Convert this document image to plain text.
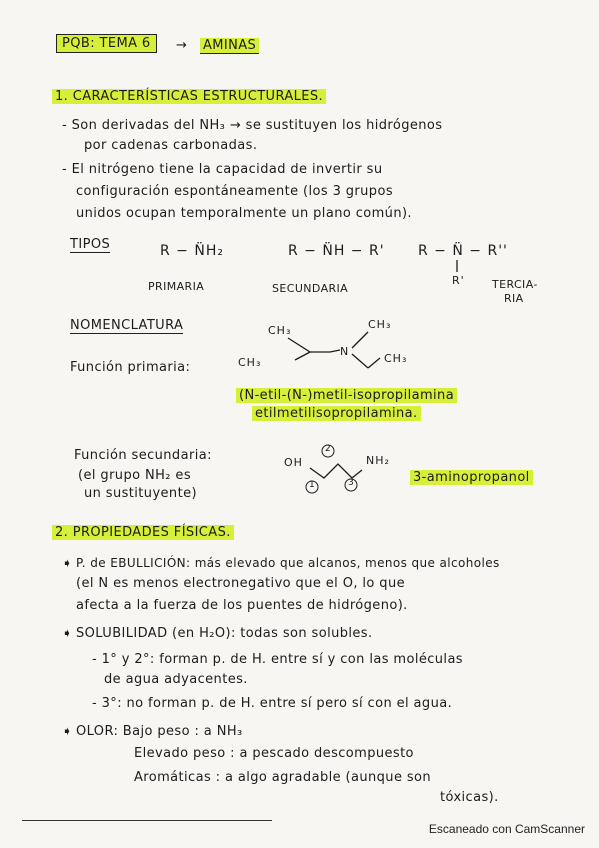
PQB: TEMA 6	→ AMINAS
1. CARACTERÍSTICAS ESTRUCTURALES.
- Son derivadas del NH₃ → se sustituyen los hidrógenos
por cadenas carbonadas.
- El nitrógeno tiene la capacidad de invertir su
configuración espontáneamente (los 3 grupos
unidos ocupan temporalmente un plano común).
TIPOS	R − N̈H₂	R − N̈H − R' R − N̈ − R''
R'
PRIMARIA	SECUNDARIA	TERCIA-
RIA
NOMENCLATURA
Función primaria:
CH₃	CH₃
N
CH₃	CH₃
(N-etil-(N-)metil-isopropilamina
etilmetilisopropilamina.
Función secundaria:
(el grupo NH₂ es
un sustituyente)
OH	NH₂
2
1	3	3-aminopropanol
2. PROPIEDADES FÍSICAS.
➧ P. de EBULLICIÓN: más elevado que alcanos, menos que alcoholes
(el N es menos electronegativo que el O, lo que
afecta a la fuerza de los puentes de hidrógeno).
➧ SOLUBILIDAD (en H₂O): todas son solubles.
- 1° y 2°: forman p. de H. entre sí y con las moléculas
de agua adyacentes.
- 3°: no forman p. de H. entre sí pero sí con el agua.
➧ OLOR: Bajo peso : a NH₃
Elevado peso : a pescado descompuesto
Aromáticas : a algo agradable (aunque son
tóxicas).
Escaneado con CamScanner
